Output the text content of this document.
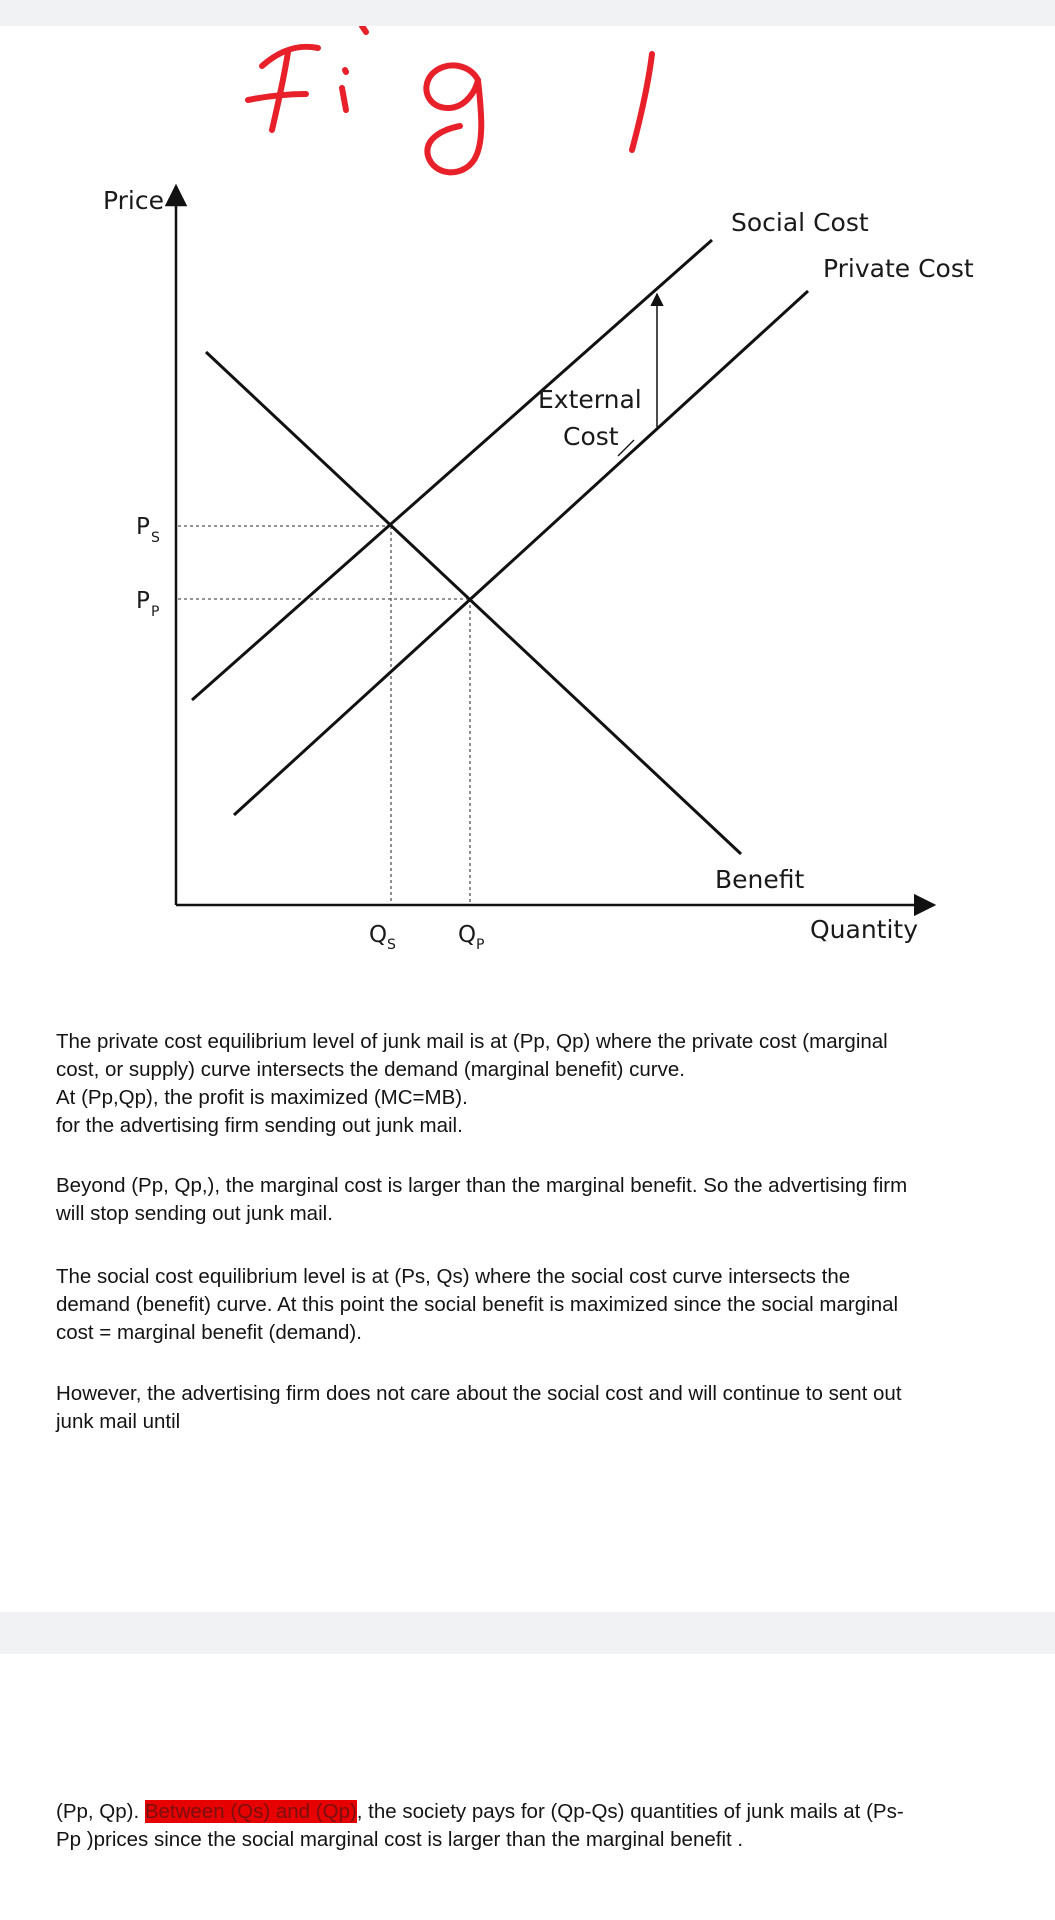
Price
Social Cost
Private Cost
External
Cost
Benefit
Quantity
P S
P P
Q S	Q P

The private cost equilibrium level of junk mail is at (Pp, Qp) where the private cost (marginal
cost, or supply) curve intersects the demand (marginal benefit) curve.
At (Pp,Qp), the profit is maximized (MC=MB).
for the advertising firm sending out junk mail.

Beyond (Pp, Qp,), the marginal cost is larger than the marginal benefit. So the advertising firm
will stop sending out junk mail.

The social cost equilibrium level is at (Ps, Qs) where the social cost curve intersects the
demand (benefit) curve. At this point the social benefit is maximized since the social marginal
cost = marginal benefit (demand).

However, the advertising firm does not care about the social cost and will continue to sent out
junk mail until

(Pp, Qp). Between (Qs) and (Qp), the society pays for (Qp-Qs) quantities of junk mails at (Ps-
Pp )prices since the social marginal cost is larger than the marginal benefit .
